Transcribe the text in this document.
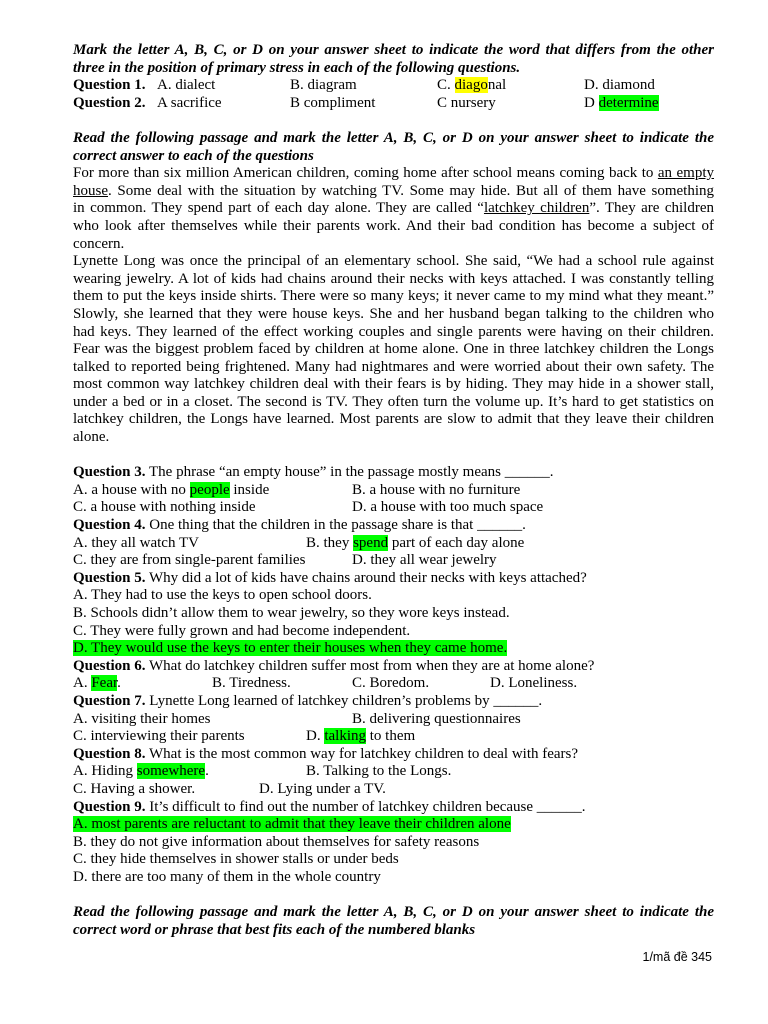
Mark the letter A, B, C, or D on your answer sheet to indicate the word that differs from the other
three in the position of primary stress in each of the following questions.
Question 1. A. dialect	B. diagram	C. diagonal	D. diamond
Question 2. A sacrifice	B compliment	C nursery	D determine
Read the following passage and mark the letter A, B, C, or D on your answer sheet to indicate the
correct answer to each of the questions
For more than six million American children, coming home after school means coming back to an empty
house. Some deal with the situation by watching TV. Some may hide. But all of them have something
in common. They spend part of each day alone. They are called “latchkey children”. They are children
who look after themselves while their parents work. And their bad condition has become a subject of
concern.
Lynette Long was once the principal of an elementary school. She said, “We had a school rule against
wearing jewelry. A lot of kids had chains around their necks with keys attached. I was constantly telling
them to put the keys inside shirts. There were so many keys; it never came to my mind what they meant.”
Slowly, she learned that they were house keys. She and her husband began talking to the children who
had keys. They learned of the effect working couples and single parents were having on their children.
Fear was the biggest problem faced by children at home alone. One in three latchkey children the Longs
talked to reported being frightened. Many had nightmares and were worried about their own safety. The
most common way latchkey children deal with their fears is by hiding. They may hide in a shower stall,
under a bed or in a closet. The second is TV. They often turn the volume up. It’s hard to get statistics on
latchkey children, the Longs have learned. Most parents are slow to admit that they leave their children
alone.
Question 3. The phrase “an empty house” in the passage mostly means ______.
A. a house with no people inside	B. a house with no furniture
C. a house with nothing inside	D. a house with too much space
Question 4. One thing that the children in the passage share is that ______.
A. they all watch TV	B. they spend part of each day alone
C. they are from single-parent families	D. they all wear jewelry
Question 5. Why did a lot of kids have chains around their necks with keys attached?
A. They had to use the keys to open school doors.
B. Schools didn’t allow them to wear jewelry, so they wore keys instead.
C. They were fully grown and had become independent.
D. They would use the keys to enter their houses when they came home.
Question 6. What do latchkey children suffer most from when they are at home alone?
A. Fear.	B. Tiredness.	C. Boredom.	D. Loneliness.
Question 7. Lynette Long learned of latchkey children’s problems by ______.
A. visiting their homes	B. delivering questionnaires
C. interviewing their parents	D. talking to them
Question 8. What is the most common way for latchkey children to deal with fears?
A. Hiding somewhere.	B. Talking to the Longs.
C. Having a shower.	D. Lying under a TV.
Question 9. It’s difficult to find out the number of latchkey children because ______.
A. most parents are reluctant to admit that they leave their children alone
B. they do not give information about themselves for safety reasons
C. they hide themselves in shower stalls or under beds
D. there are too many of them in the whole country
Read the following passage and mark the letter A, B, C, or D on your answer sheet to indicate the
correct word or phrase that best fits each of the numbered blanks
1/mã đề 345
